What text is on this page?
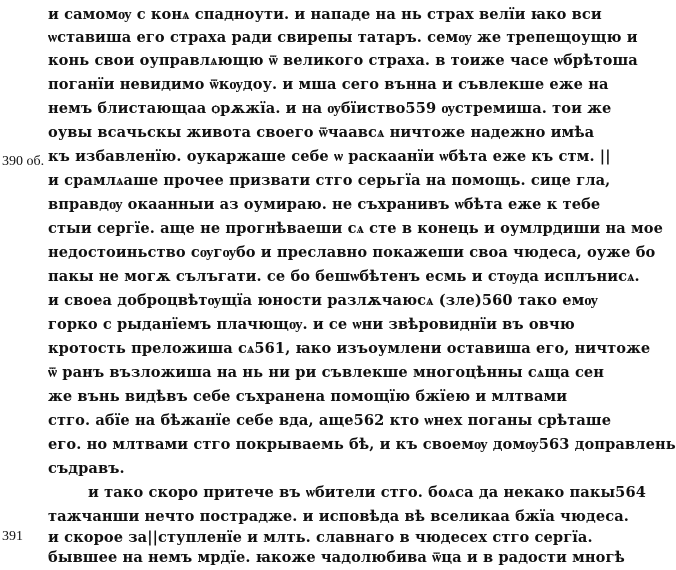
390 об.
391
и самомѹ с конѧ спадноути. и нападе на нь страх велїи ꙗко вси
ѡставиша его страха ради свирепы татаръ. семѹ же трепещоущю и
конь свои оуправлѧющю ѿ великого страха. в тоиже часе ѡбрѣтоша
поганїи невидимо ѿкѹдоу. и мша сего вънна и съвлекше еже на
немъ блистающаа ѻрѫжїа. и на ѹбїиство559 ѹстремиша. тои же
оувы всачьскы живота своего ѿчаавсѧ ничтоже надежно имѣа
къ избавленїю. оукаржаше себе ѡ раскаанїи ѡбѣта еже къ стм. ||
и срамлѧаше прочее призвати стго серьгїа на помощь. сице гла,
вправдѹ окаанныи аз оумираю. не съхранивъ ѡбѣта еже к тебе
стыи сергїе. аще не прогнѣваеши сѧ сте в конець и оумлрдиши на мое
недостоиньство сѹгѹбо и преславно покажеши своа чюдеса, оуже бо
пакы не могѫ сълъгати. се бо бешѡбѣтенъ есмь и стѹда исплънисѧ.
и своеа доброцвѣтѹщїа юности разлѫчаюсѧ (зле)560 тако емѹ
горко с рыданїемъ плачющѹ. и се ѡни звѣровиднїи въ овчю
кротость преложиша сѧ561, ꙗко изъоумлени оставиша его, ничтоже
ѿ ранъ възложиша на нь ни ри съвлекше многоцѣнны сѧща сен
же вънь видѣвъ себе съхранена помощїю бжїею и млтвами
стго. абїе на бѣжанїе себе вда, аще562 кто ѡнех поганы срѣташе
его. но млтвами стго покрываемь бѣ, и къ своемѹ домѹ563 доправлень
съдравъ.
и тако скоро притече въ ѡбители стго. боѧса да некако пакы564
тажчанши нечто пострадже. и исповѣда вѣ вселикаа бжїа чюдеса.
и скорое за||ступленїе и млть. славнаго в чюдесех стго сергїа.
бывшее на немъ мрдїе. ꙗкоже чадолюбива ѿца и в радости многѣ
